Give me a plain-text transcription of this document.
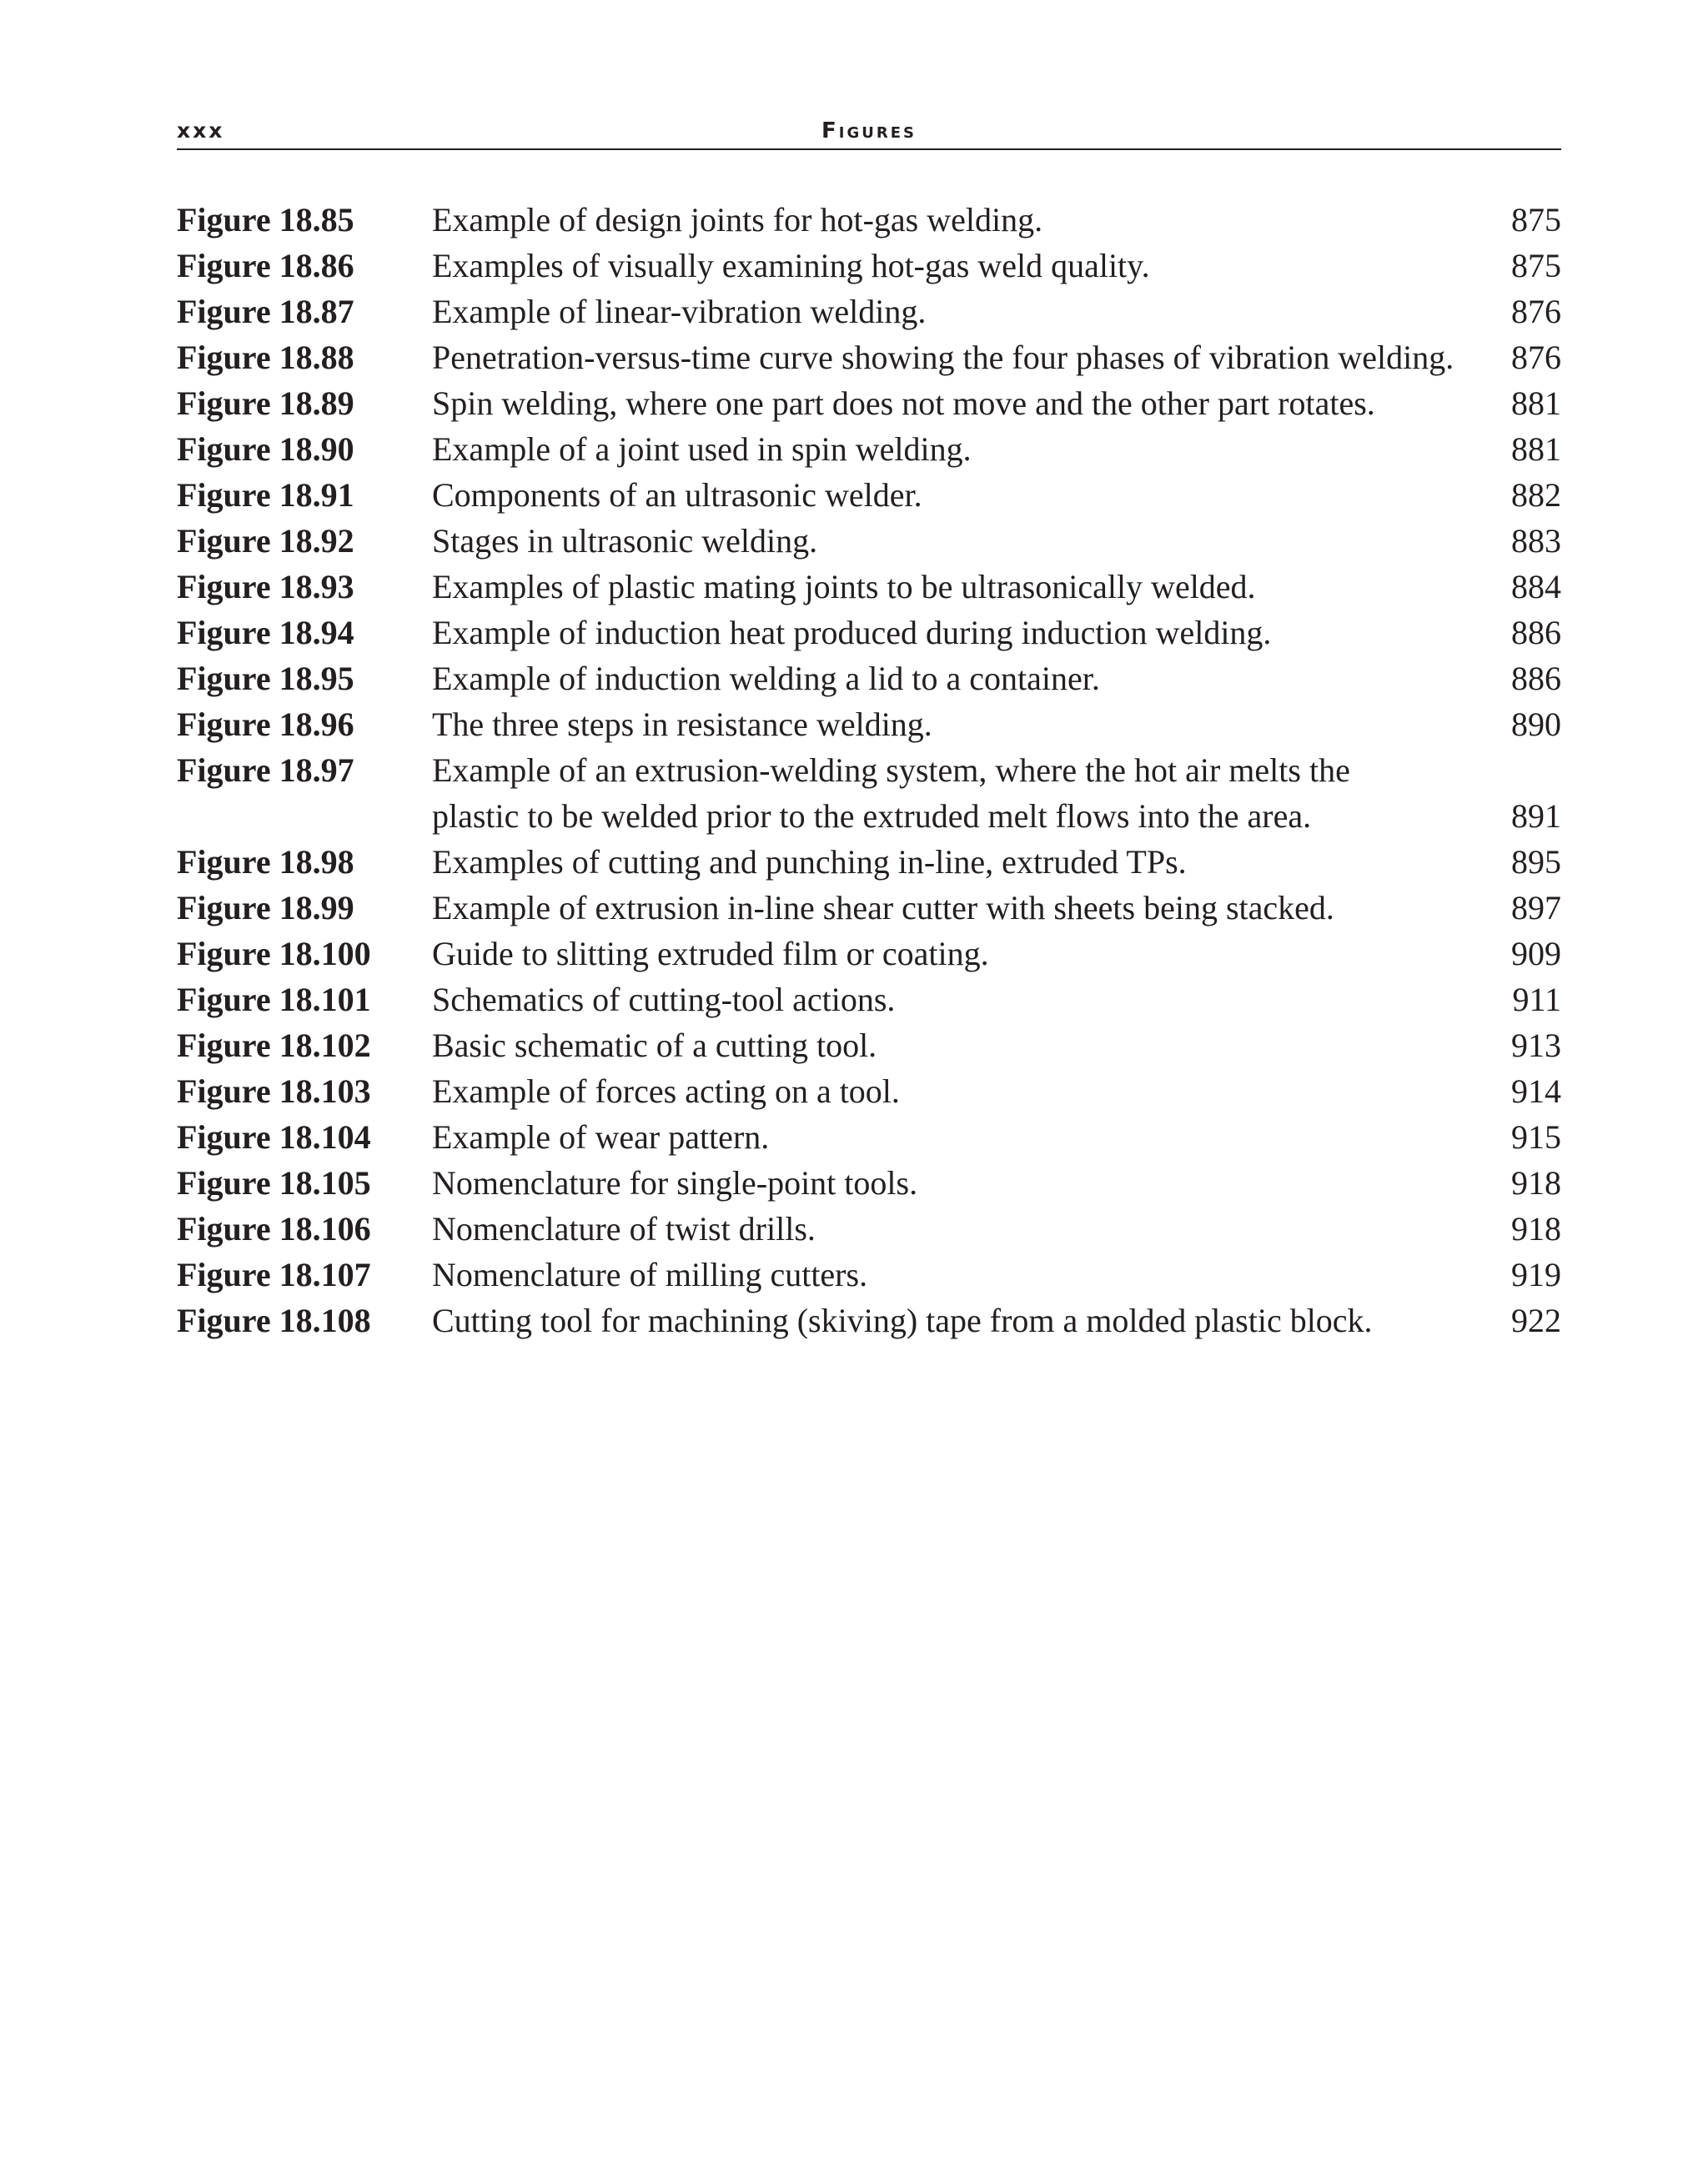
xxx	Figures
Figure 18.85	Example of design joints for hot-gas welding.	875
Figure 18.86	Examples of visually examining hot-gas weld quality.	875
Figure 18.87	Example of linear-vibration welding.	876
Figure 18.88	Penetration-versus-time curve showing the four phases of vibration welding.	876
Figure 18.89	Spin welding, where one part does not move and the other part rotates.	881
Figure 18.90	Example of a joint used in spin welding.	881
Figure 18.91	Components of an ultrasonic welder.	882
Figure 18.92	Stages in ultrasonic welding.	883
Figure 18.93	Examples of plastic mating joints to be ultrasonically welded.	884
Figure 18.94	Example of induction heat produced during induction welding.	886
Figure 18.95	Example of induction welding a lid to a container.	886
Figure 18.96	The three steps in resistance welding.	890
Figure 18.97	Example of an extrusion-welding system, where the hot air melts the
plastic to be welded prior to the extruded melt flows into the area.	891
Figure 18.98	Examples of cutting and punching in-line, extruded TPs.	895
Figure 18.99	Example of extrusion in-line shear cutter with sheets being stacked.	897
Figure 18.100	Guide to slitting extruded film or coating.	909
Figure 18.101	Schematics of cutting-tool actions.	911
Figure 18.102	Basic schematic of a cutting tool.	913
Figure 18.103	Example of forces acting on a tool.	914
Figure 18.104	Example of wear pattern.	915
Figure 18.105	Nomenclature for single-point tools.	918
Figure 18.106	Nomenclature of twist drills.	918
Figure 18.107	Nomenclature of milling cutters.	919
Figure 18.108	Cutting tool for machining (skiving) tape from a molded plastic block.	922
